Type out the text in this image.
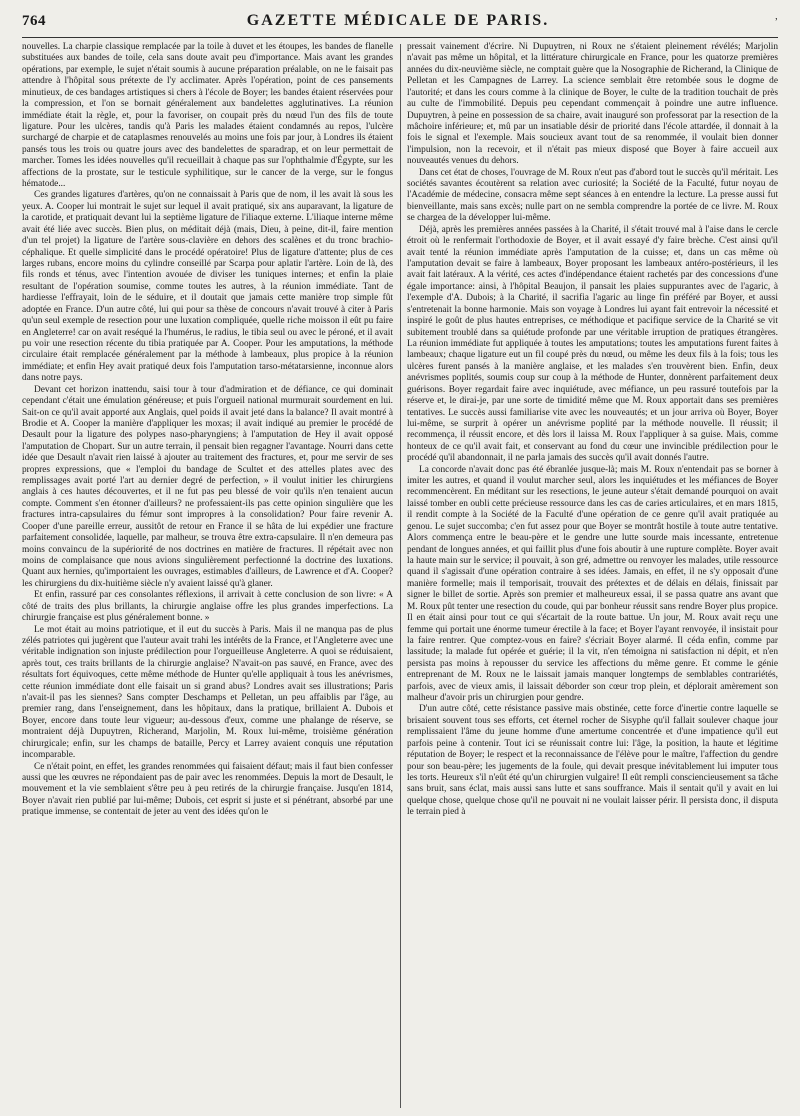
764	GAZETTE MÉDICALE DE PARIS.	’

nouvelles. La charpie classique remplacée par la toile à duvet et les étoupes, les bandes de flanelle substituées aux bandes de toile, cela sans doute avait peu d'importance. Mais avant les grandes opérations, par exemple, le sujet n'était soumis à aucune préparation préalable, on ne le faisait pas attendre à l'hôpital sous prétexte de l'y acclimater. Après l'opération, point de ces pansements minutieux, de ces bandages artistiques si chers à l'école de Boyer; les bandes étaient réservées pour la compression, et l'on se bornait généralement aux bandelettes agglutinatives. La réunion immédiate était la règle, et, pour la favoriser, on coupait près du nœud l'un des fils de toute ligature. Pour les ulcères, tandis qu'à Paris les malades étaient condamnés au repos, l'ulcère surchargé de charpie et de cataplasmes renouvelés au moins une fois par jour, à Londres ils étaient pansés tous les trois ou quatre jours avec des bandelettes de sparadrap, et on leur permettait de marcher. Tomes les idées nouvelles qu'il recueillait à chaque pas sur l'ophthalmie d'Égypte, sur les affections de la prostate, sur le testicule syphilitique, sur le cancer de la verge, sur le fongus hématode...

Ces grandes ligatures d'artères, qu'on ne connaissait à Paris que de nom, il les avait là sous les yeux. A. Cooper lui montrait le sujet sur lequel il avait pratiqué, six ans auparavant, la ligature de la carotide, et pratiquait devant lui la septième ligature de l'iliaque externe. L'iliaque interne même avait été liée avec succès. Bien plus, on méditait déjà (mais, Dieu, à peine, dit-il, faire mention d'un tel projet) la ligature de l'artère sous-clavière en dehors des scalènes et du tronc brachio-céphalique. Et quelle simplicité dans le procédé opératoire! Plus de ligature d'attente; plus de ces larges rubans, encore moins du cylindre conseillé par Scarpa pour aplatir l'artère. Loin de là, des fils ronds et ténus, avec l'intention avouée de diviser les tuniques internes; et enfin la plaie resultant de l'opération soumise, comme toutes les autres, à la réunion immédiate. Tant de hardiesse l'effrayait, loin de le séduire, et il doutait que jamais cette manière trop simple fût adoptée en France. D'un autre côté, lui qui pour sa thèse de concours n'avait trouvé à citer à Paris qu'un seul exemple de resection pour une luxation compliquée, quelle riche moisson il eût pu faire en Angleterre! car on avait reséqué la l'humérus, le radius, le tibia seul ou avec le péroné, et il avait pu voir une resection récente du tibia pratiquée par A. Cooper. Pour les amputations, la méthode circulaire était remplacée généralement par la méthode à lambeaux, plus propice à la réunion immédiate; et enfin Hey avait pratiqué deux fois l'amputation tarso-métatarsienne, inconnue alors dans notre pays.

Devant cet horizon inattendu, saisi tour à tour d'admiration et de défiance, ce qui dominait cependant c'était une émulation généreuse; et puis l'orgueil national murmurait sourdement en lui. Sait-on ce qu'il avait apporté aux Anglais, quel poids il avait jeté dans la balance? Il avait montré à Brodie et A. Cooper la manière d'appliquer les moxas; il avait indiqué au premier le procédé de Desault pour la ligature des polypes naso-pharyngiens; à l'amputation de Hey il avait opposé l'amputation de Chopart. Sur un autre terrain, il pensait bien regagner l'avantage. Nourri dans cette idée que Desault n'avait rien laissé à ajouter au traitement des fractures, et, pour me servir de ses propres expressions, que « l'emploi du bandage de Scultet et des attelles plates avec des remplissages avait porté l'art au dernier degré de perfection, » il voulut initier les chirurgiens anglais à ces hautes découvertes, et il ne fut pas peu blessé de voir qu'ils n'en tenaient aucun compte. Comment s'en étonner d'ailleurs? ne professaient-ils pas cette opinion singulière que les fractures intra-capsulaires du fémur sont impropres à la consolidation? Pour faire revenir A. Cooper d'une pareille erreur, aussitôt de retour en France il se hâta de lui expédier une fracture parfaitement consolidée, laquelle, par malheur, se trouva être extra-capsulaire. Il n'en demeura pas moins convaincu de la supériorité de nos doctrines en matière de fractures. Il répétait avec non moins de complaisance que nous avions singulièrement perfectionné la doctrine des luxations. Quant aux hernies, qu'importaient les ouvrages, estimables d'ailleurs, de Lawrence et d'A. Cooper? les chirurgiens du dix-huitième siècle n'y avaient laissé qu'à glaner.

Et enfin, rassuré par ces consolantes réflexions, il arrivait à cette conclusion de son livre: « A côté de traits des plus brillants, la chirurgie anglaise offre les plus grandes imperfections. La chirurgie française est plus généralement bonne. »

Le mot était au moins patriotique, et il eut du succès à Paris. Mais il ne manqua pas de plus zélés patriotes qui jugèrent que l'auteur avait trahi les intérêts de la France, et l'Angleterre avec une véritable indignation son injuste prédilection pour l'orgueilleuse Angleterre. A quoi se réduisaient, après tout, ces traits brillants de la chirurgie anglaise? N'avait-on pas sauvé, en France, avec des résultats fort équivoques, cette même méthode de Hunter qu'elle appliquait à tous les anévrismes, cette réunion immédiate dont elle faisait un si grand abus? Londres avait ses illustrations; Paris n'avait-il pas les siennes? Sans compter Deschamps et Pelletan, un peu affaiblis par l'âge, au premier rang, dans l'enseignement, dans les hôpitaux, dans la pratique, brillaient A. Dubois et Boyer, encore dans toute leur vigueur; au-dessous d'eux, comme une phalange de réserve, se montraient déjà Dupuytren, Richerand, Marjolin, M. Roux lui-même, troisième génération chirurgicale; enfin, sur les champs de bataille, Percy et Larrey avaient conquis une réputation incomparable.

Ce n'était point, en effet, les grandes renommées qui faisaient défaut; mais il faut bien confesser aussi que les œuvres ne répondaient pas de pair avec les renommées. Depuis la mort de Desault, le mouvement et la vie semblaient s'être peu à peu retirés de la chirurgie française. Jusqu'en 1814, Boyer n'avait rien publié par lui-même; Dubois, cet esprit si juste et si pénétrant, absorbé par une pratique immense, se contentait de jeter au vent des idées qu'on le

pressait vainement d'écrire. Ni Dupuytren, ni Roux ne s'étaient pleinement révélés; Marjolin n'avait pas même un hôpital, et la littérature chirurgicale en France, pour les quatorze premières années du dix-neuvième siècle, ne comptait guère que la Nosographie de Richerand, la Clinique de Pelletan et les Campagnes de Larrey. La science semblait être retombée sous le dogme de l'autorité; et dans les cours comme à la clinique de Boyer, le culte de la tradition touchait de près au culte de l'immobilité. Depuis peu cependant commençait à poindre une autre influence. Dupuytren, à peine en possession de sa chaire, avait inauguré son professorat par la resection de la mâchoire inférieure; et, mû par un insatiable désir de priorité dans l'école attardée, il donnait à la fois le signal et l'exemple. Mais soucieux avant tout de sa renommée, il voulait bien donner l'impulsion, non la recevoir, et il n'était pas mieux disposé que Boyer à faire accueil aux nouveautés venues du dehors.

Dans cet état de choses, l'ouvrage de M. Roux n'eut pas d'abord tout le succès qu'il méritait. Les sociétés savantes écoutèrent sa relation avec curiosité; la Société de la Faculté, futur noyau de l'Académie de médecine, consacra même sept séances à en entendre la lecture. La presse aussi fut bienveillante, mais sans excès; nulle part on ne sembla comprendre la portée de ce livre. M. Roux se chargea de la développer lui-même.

Déjà, après les premières années passées à la Charité, il s'était trouvé mal à l'aise dans le cercle étroit où le renfermait l'orthodoxie de Boyer, et il avait essayé d'y faire brèche. C'est ainsi qu'il avait tenté la réunion immédiate après l'amputation de la cuisse; et, dans un cas même où l'amputation devait se faire à lambeaux, Boyer proposant les lambeaux antéro-postérieurs, il les avait fait latéraux. A la vérité, ces actes d'indépendance étaient rachetés par des concessions d'une égale importance: ainsi, à l'hôpital Beaujon, il pansait les plaies suppurantes avec de l'agaric, à l'exemple d'A. Dubois; à la Charité, il sacrifia l'agaric au linge fin préféré par Boyer, et aussi s'entretenait la bonne harmonie. Mais son voyage à Londres lui ayant fait entrevoir la nécessité et inspiré le goût de plus hautes entreprises, ce méthodique et pacifique service de la Charité se vit subitement troublé dans sa quiétude profonde par une véritable irruption de pratiques étrangères. La réunion immédiate fut appliquée à toutes les amputations; toutes les amputations furent faites à lambeaux; chaque ligature eut un fil coupé près du nœud, ou même les deux fils à la fois; tous les ulcères furent pansés à la manière anglaise, et les malades s'en trouvèrent bien. Enfin, deux anévrismes poplités, soumis coup sur coup à la méthode de Hunter, donnèrent parfaitement deux guérisons. Boyer regardait faire avec inquiétude, avec méfiance, un peu rassuré toutefois par la réserve et, le dirai-je, par une sorte de timidité même que M. Roux apportait dans ses premières tentatives. Le succès aussi familiarise vite avec les nouveautés; et un jour arriva où Boyer, Boyer lui-même, se surprit à opérer un anévrisme poplité par la méthode nouvelle. Il réussit; il recommença, il réussit encore, et dès lors il laissa M. Roux l'appliquer à sa guise. Mais, comme honteux de ce qu'il avait fait, et conservant au fond du cœur une invincible prédilection pour le procédé qu'il abandonnait, il ne parla jamais des succès qu'il avait donnés l'autre.

La concorde n'avait donc pas été ébranlée jusque-là; mais M. Roux n'entendait pas se borner à imiter les autres, et quand il voulut marcher seul, alors les inquiétudes et les méfiances de Boyer recommencèrent. En méditant sur les resections, le jeune auteur s'était demandé pourquoi on avait laissé tomber en oubli cette précieuse ressource dans les cas de caries articulaires, et en mars 1815, il rendit compte à la Société de la Faculté d'une opération de ce genre qu'il avait pratiquée au genou. Le sujet succomba; c'en fut assez pour que Boyer se montrât hostile à toute autre tentative. Alors commença entre le beau-père et le gendre une lutte sourde mais incessante, entretenue pendant de longues années, et qui faillit plus d'une fois aboutir à une rupture complète. Boyer avait la haute main sur le service; il pouvait, à son gré, admettre ou renvoyer les malades, utile ressource quand il s'agissait d'une opération contraire à ses idées. Jamais, en effet, il ne s'y opposait d'une manière formelle; mais il temporisait, trouvait des prétextes et de délais en délais, finissait par signer le billet de sortie. Après son premier et malheureux essai, il se passa quatre ans avant que M. Roux pût tenter une resection du coude, qui par bonheur réussit sans rendre Boyer plus propice. Il en était ainsi pour tout ce qui s'écartait de la route battue. Un jour, M. Roux avait reçu une femme qui portait une énorme tumeur érectile à la face; et Boyer l'ayant renvoyée, il insistait pour la faire rentrer. Que comptez-vous en faire? s'écriait Boyer alarmé. Il céda enfin, comme par lassitude; la malade fut opérée et guérie; il la vit, n'en témoigna ni satisfaction ni dépit, et n'en persista pas moins à repousser du service les affections du même genre. Et comme le génie entreprenant de M. Roux ne le laissait jamais manquer longtemps de semblables contrariétés, parfois, avec de vieux amis, il laissait déborder son cœur trop plein, et déplorait amèrement son malheur d'avoir pris un chirurgien pour gendre.

D'un autre côté, cette résistance passive mais obstinée, cette force d'inertie contre laquelle se brisaient souvent tous ses efforts, cet éternel rocher de Sisyphe qu'il fallait soulever chaque jour remplissaient l'âme du jeune homme d'une amertume concentrée et d'une impatience qu'il eut parfois peine à contenir. Tout ici se réunissait contre lui: l'âge, la position, la haute et légitime réputation de Boyer; le respect et la reconnaissance de l'élève pour le maître, l'affection du gendre pour son beau-père; les jugements de la foule, qui devait presque inévitablement lui imputer tous les torts. Heureux s'il n'eût été qu'un chirurgien vulgaire! Il eût rempli consciencieusement sa tâche sans bruit, sans éclat, mais aussi sans lutte et sans souffrance. Mais il sentait qu'il y avait en lui quelque chose, quelque chose qu'il ne pouvait ni ne voulait laisser périr. Il persista donc, il disputa le terrain pied à
